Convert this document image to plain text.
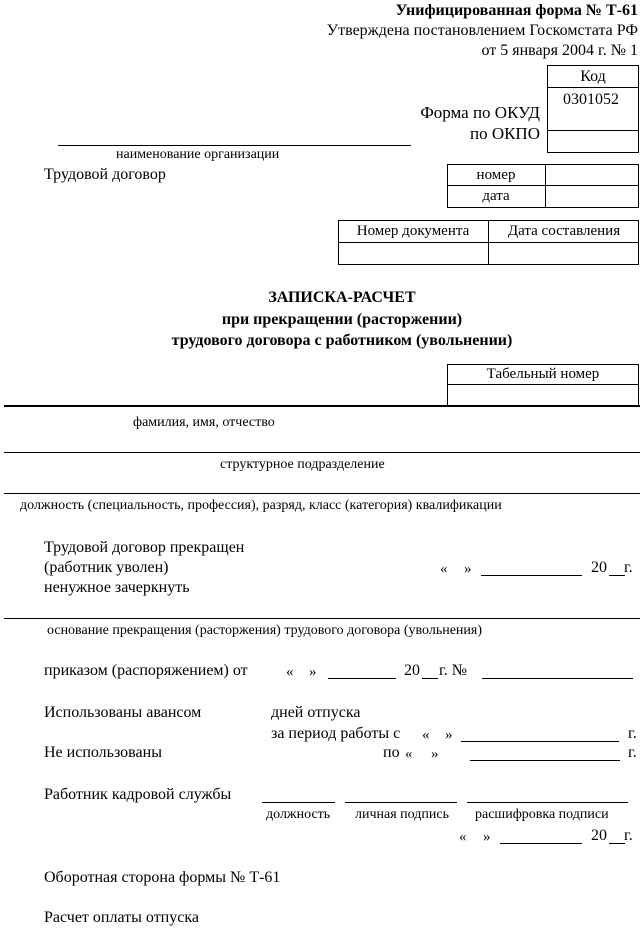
Унифицированная форма № Т-61
Утверждена постановлением Госкомстата РФ
от 5 января 2004 г. № 1
Код
0301052
Форма по ОКУД
по ОКПО
наименование организации
Трудовой договор	номер
дата
Номер документа	Дата составления
ЗАПИСКА-РАСЧЕТ
при прекращении (расторжении)
трудового договора с работником (увольнении)
Табельный номер
фамилия, имя, отчество
структурное подразделение
должность (специальность, профессия), разряд, класс (категория) квалификации
Трудовой договор прекращен
(работник уволен)
ненужное зачеркнуть
« »	20 г.
основание прекращения (расторжения) трудового договора (увольнения)
приказом (распоряжением) от	« »	20 г. №
Использованы авансом	дней отпуска
за период работы с « »	г.
Не использованы	по « »	г.
Работник кадровой службы
должность личная подпись расшифровка подписи
« »	20 г.
Оборотная сторона формы № Т-61
Расчет оплаты отпуска
